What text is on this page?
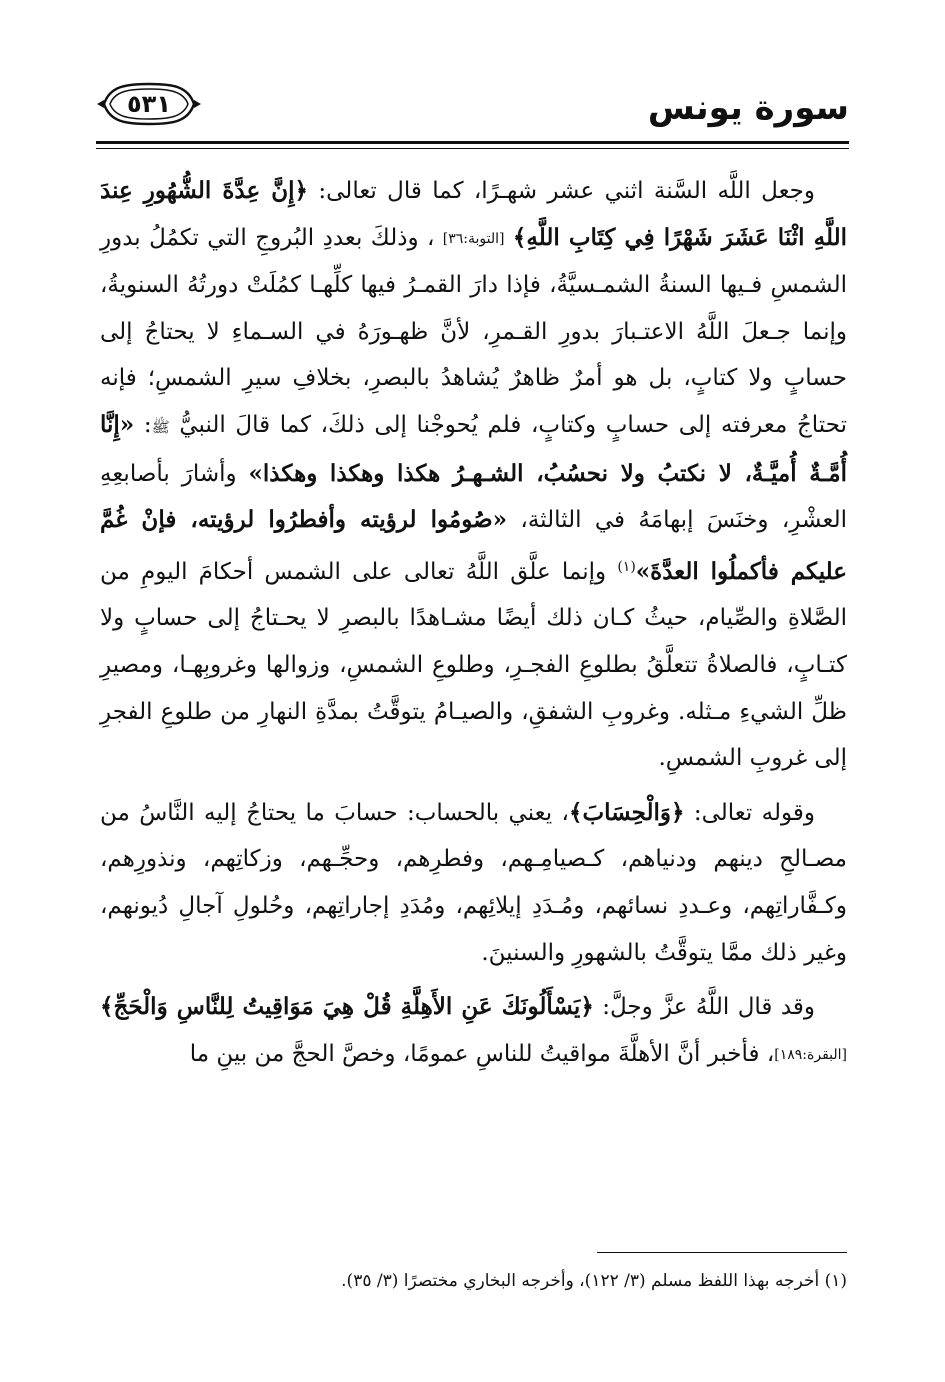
سورة يونس
٥٣١

وجعل اللَّه السَّنة اثني عشر شهـرًا، كما قال تعالى: ﴿إِنَّ عِدَّةَ الشُّهُورِ عِندَ اللَّهِ اثْنَا عَشَرَ شَهْرًا فِي كِتَابِ اللَّهِ﴾ [التوبة:٣٦] ، وذلكَ بعددِ البُروجِ التي تكمُلُ بدورِ الشمسِ فـيها السنةُ الشمـسيَّةُ، فإذا دارَ القمـرُ فيها كلِّهـا كمُلَتْ دورتُهُ السنويةُ، وإنما جـعلَ اللَّهُ الاعتـبارَ بدورِ القـمرِ، لأنَّ ظهـورَهُ في السـماءِ لا يحتاجُ إلى حسابٍ ولا كتابٍ، بل هو أمرٌ ظاهرٌ يُشاهدُ بالبصرِ، بخلافِ سيرِ الشمسِ؛ فإنه تحتاجُ معرفته إلى حسابٍ وكتابٍ، فلم يُحوجْنا إلى ذلكَ، كما قالَ النبيُّ ﷺ: «إِنَّا أُمَّـةٌ أُميَّـةٌ، لا نكتبُ ولا نحسُبُ، الشـهـرُ هكذا وهكذا وهكذا» وأشارَ بأصابعِهِ العشْرِ، وخنَسَ إبهامَهُ في الثالثة، «صُومُوا لرؤيته وأفطرُوا لرؤيته، فإنْ غُمَّ عليكم فأكملُوا العدَّةَ»$^{(١)}$ وإنما علَّق اللَّهُ تعالى على الشمس أحكامَ اليومِ من الصَّلاةِ والصِّيام، حيثُ كـان ذلك أيضًا مشـاهدًا بالبصرِ لا يحـتاجُ إلى حسابٍ ولا كتـابٍ، فالصلاةُ تتعلَّقُ بطلوعِ الفجـرِ، وطلوعِ الشمسِ، وزوالها وغروبِهـا، ومصيرِ ظلِّ الشيءِ مـثله. وغروبِ الشفقِ، والصيـامُ يتوقَّتُ بمدَّةِ النهارِ من طلوعِ الفجرِ إلى غروبِ الشمسِ.

وقوله تعالى: ﴿وَالْحِسَابَ﴾، يعني بالحساب: حسابَ ما يحتاجُ إليه النَّاسُ من مصـالحِ دينهم ودنياهم، كـصيامِـهم، وفطرِهم، وحجِّـهم، وزكاتِهم، ونذورِهم، وكـفَّاراتِهم، وعـددِ نسائهم، ومُـدَدِ إيلائِهم، ومُدَدِ إجاراتِهم، وحُلولِ آجالِ دُيونهم، وغير ذلك ممَّا يتوقَّتُ بالشهورِ والسنينَ.

وقد قال اللَّهُ عزَّ وجلَّ: ﴿يَسْأَلُونَكَ عَنِ الأَهِلَّةِ قُلْ هِيَ مَوَاقِيتُ لِلنَّاسِ وَالْحَجِّ﴾ [البقرة:١٨٩]، فأخبر أنَّ الأهلَّةَ مواقيتُ للناسِ عمومًا، وخصَّ الحجَّ من بينِ ما

(١) أخرجه بهذا اللفظ مسلم (٣/ ١٢٢)، وأخرجه البخاري مختصرًا (٣/ ٣٥).
